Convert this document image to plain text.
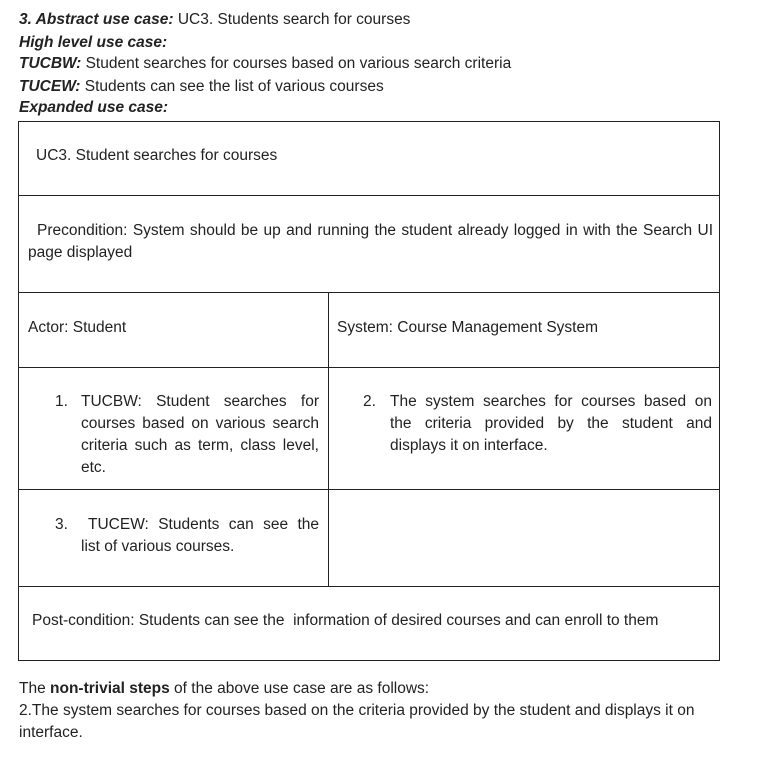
3. Abstract use case: UC3. Students search for courses
High level use case:
TUCBW: Student searches for courses based on various search criteria
TUCEW: Students can see the list of various courses
Expanded use case:
UC3. Student searches for courses
Precondition: System should be up and running the student already logged in with the Search UI page displayed
Actor: Student	System: Course Management System
1. TUCBW: Student searches for courses based on various search criteria such as term, class level, etc.
2. The system searches for courses based on the criteria provided by the student and displays it on interface.
3.	TUCEW: Students can see the list of various courses.
Post-condition: Students can see the  information of desired courses and can enroll to them
The non-trivial steps of the above use case are as follows:
2.The system searches for courses based on the criteria provided by the student and displays it on interface.
